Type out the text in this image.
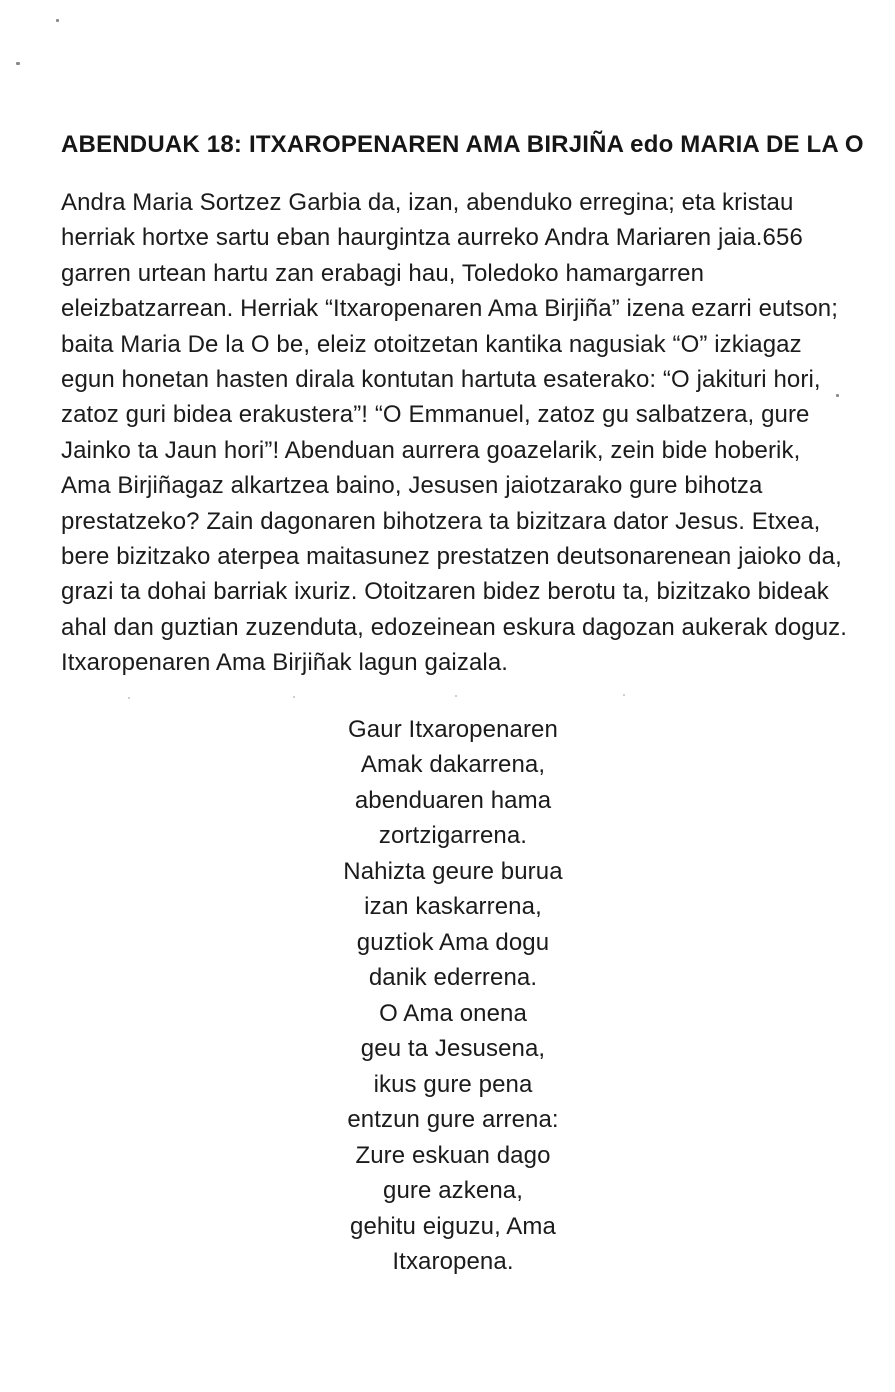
ABENDUAK 18: ITXAROPENAREN AMA BIRJIÑA edo MARIA DE LA O
Andra Maria Sortzez Garbia da, izan, abenduko erregina; eta kristau
herriak hortxe sartu eban haurgintza aurreko Andra Mariaren jaia.656
garren urtean hartu zan erabagi hau, Toledoko hamargarren
eleizbatzarrean. Herriak “Itxaropenaren Ama Birjiña” izena ezarri eutson;
baita Maria De la O be, eleiz otoitzetan kantika nagusiak “O” izkiagaz
egun honetan hasten dirala kontutan hartuta esaterako: “O jakituri hori,
zatoz guri bidea erakustera”! “O Emmanuel, zatoz gu salbatzera, gure
Jainko ta Jaun hori”! Abenduan aurrera goazelarik, zein bide hoberik,
Ama Birjiñagaz alkartzea baino, Jesusen jaiotzarako gure bihotza
prestatzeko? Zain dagonaren bihotzera ta bizitzara dator Jesus. Etxea,
bere bizitzako aterpea maitasunez prestatzen deutsonarenean jaioko da,
grazi ta dohai barriak ixuriz. Otoitzaren bidez berotu ta, bizitzako bideak
ahal dan guztian zuzenduta, edozeinean eskura dagozan aukerak doguz.
Itxaropenaren Ama Birjiñak lagun gaizala.
Gaur Itxaropenaren
Amak dakarrena,
abenduaren hama
zortzigarrena.
Nahizta geure burua
izan kaskarrena,
guztiok Ama dogu
danik ederrena.
O Ama onena
geu ta Jesusena,
ikus gure pena
entzun gure arrena:
Zure eskuan dago
gure azkena,
gehitu eiguzu, Ama
Itxaropena.
